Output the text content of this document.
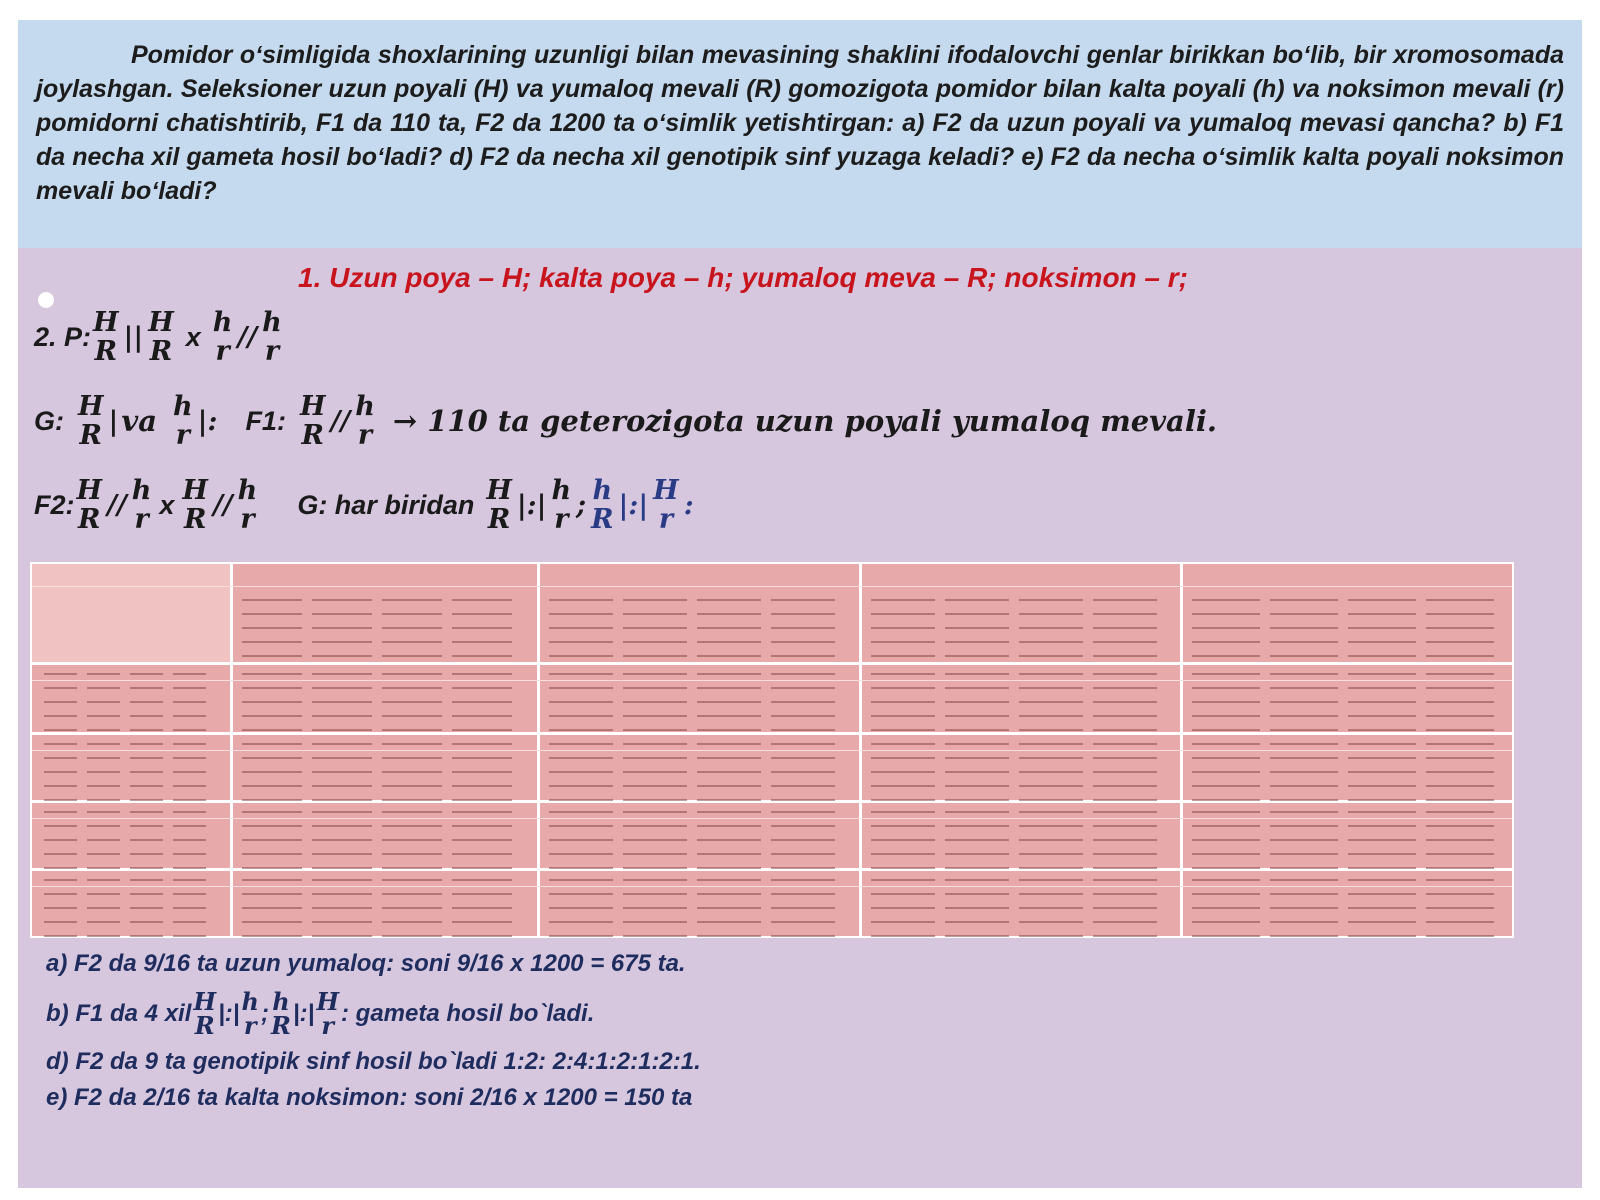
Pomidor oʻsimligida shoxlarining uzunligi bilan mevasining shaklini ifodalovchi genlar birikkan boʻlib, bir xromosomada joylashgan. Seleksioner uzun poyali (H) va yumaloq mevali (R) gomozigota pomidor bilan kalta poyali (h) va noksimon mevali (r) pomidorni chatishtirib, F1 da 110 ta, F2 da 1200 ta oʻsimlik yetishtirgan: a) F2 da uzun poyali va yumaloq mevasi qancha? b) F1 da necha xil gameta hosil boʻladi? d) F2 da necha xil genotipik sinf yuzaga keladi? e) F2 da necha oʻsimlik kalta poyali noksimon mevali boʻladi?
1. Uzun poya – H; kalta poya – h; yumaloq meva – R; noksimon – r;
2. P: H
R || H
R x h
r // h
r
G: H
R | va h
r |: F1: H
R // h
r → 110 ta geterozigota uzun poyali yumaloq mevali.
F2: H
R // h
r x H
R // h
r G: har biridan H
R |:| h
r ; h
R |:| H
r :
a) F2 da 9/16 ta uzun yumaloq: soni 9/16 x 1200 = 675 ta.
b) F1 da 4 xil H
R |:| h
r ; h
R |:| H
r : gameta hosil bo`ladi.
d) F2 da 9 ta genotipik sinf hosil bo`ladi 1:2: 2:4:1:2:1:2:1.
e) F2 da 2/16 ta kalta noksimon: soni 2/16 x 1200 = 150 ta
